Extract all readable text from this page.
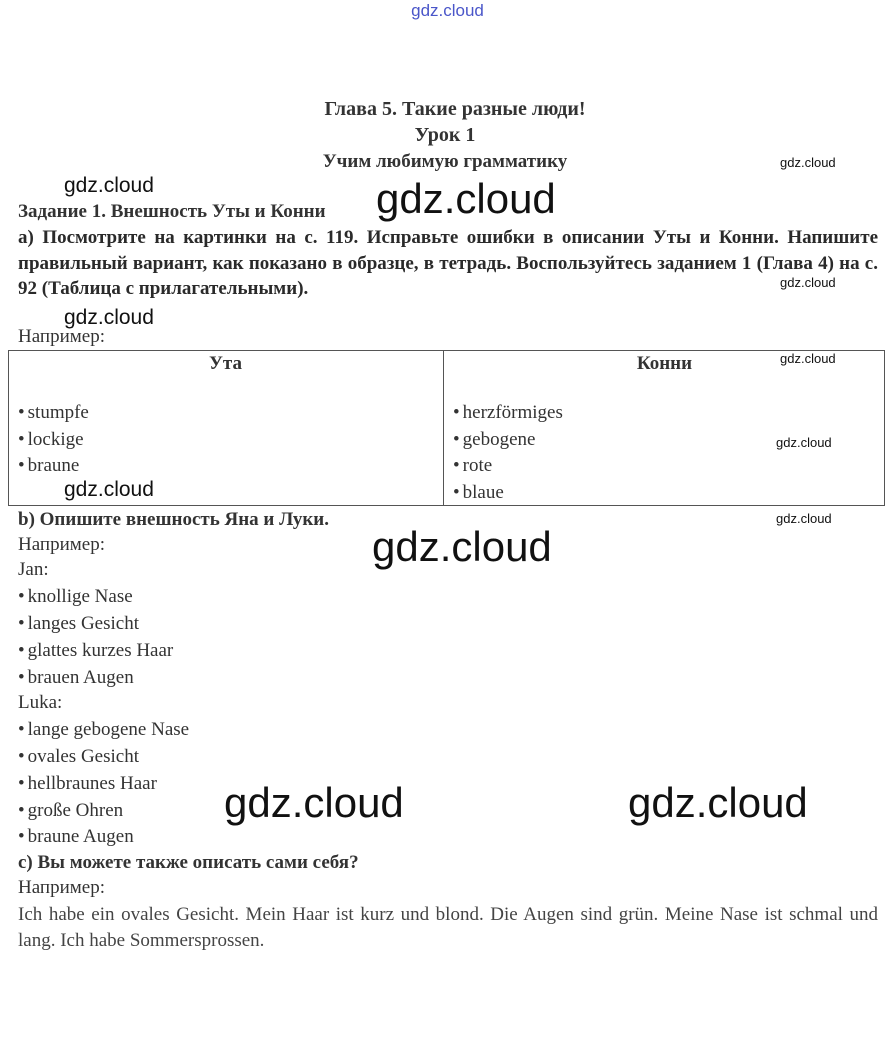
gdz.cloud
Глава 5. Такие разные люди!
Урок 1
Учим любимую грамматику
Задание 1. Внешность Уты и Конни
а) Посмотрите на картинки на с. 119. Исправьте ошибки в описании Уты и Конни. Напишите правильный вариант, как показано в образце, в тетрадь. Воспользуйтесь заданием 1 (Глава 4) на с. 92 (Таблица с прилагательными).
Например:
Ута	Конни
• stumpfe
• lockige
• braune
• herzförmiges
• gebogene
• rote
• blaue
b) Опишите внешность Яна и Луки.
Например:
Jan:
• knollige Nase
• langes Gesicht
• glattes kurzes Haar
• brauen Augen
Luka:
• lange gebogene Nase
• ovales Gesicht
• hellbraunes Haar
• große Ohren
• braune Augen
c) Вы можете также описать сами себя?
Например:
Ich habe ein ovales Gesicht. Mein Haar ist kurz und blond. Die Augen sind grün. Meine Nase ist schmal und lang. Ich habe Sommersprossen.
gdz.cloud
gdz.cloud
gdz.cloud
gdz.cloud
gdz.cloud
gdz.cloud	gdz.cloud
gdz.cloud
gdz.cloud
gdz.cloud
gdz.cloud
gdz.cloud
